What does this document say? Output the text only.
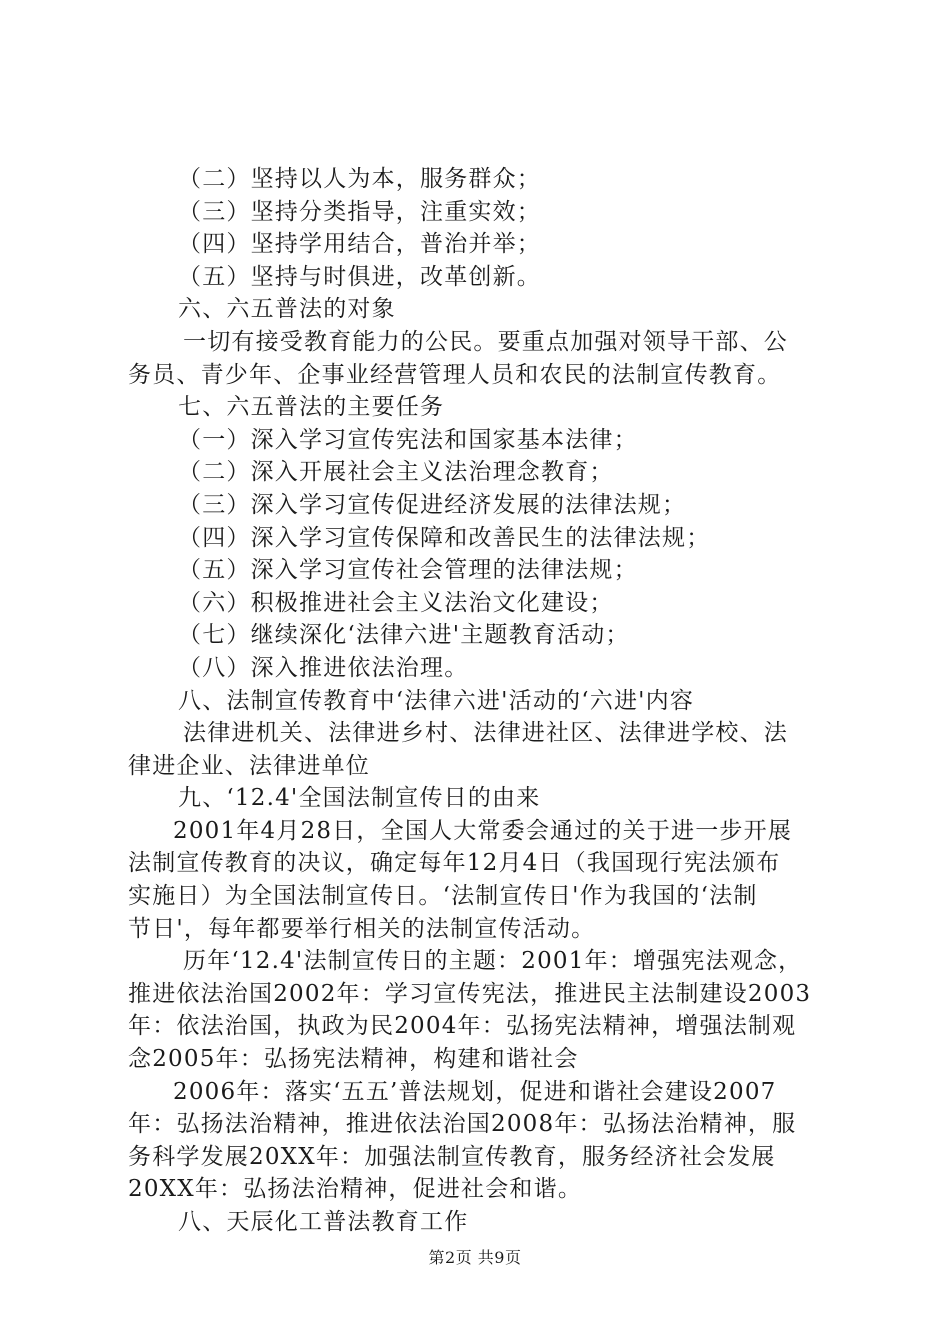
（二）坚持以人为本，服务群众；
（三）坚持分类指导，注重实效；
（四）坚持学用结合，普治并举；
（五）坚持与时俱进，改革创新。
六、六五普法的对象
一切有接受教育能力的公民。要重点加强对领导干部、公
务员、青少年、企事业经营管理人员和农民的法制宣传教育。
七、六五普法的主要任务
（一）深入学习宣传宪法和国家基本法律；
（二）深入开展社会主义法治理念教育；
（三）深入学习宣传促进经济发展的法律法规；
（四）深入学习宣传保障和改善民生的法律法规；
（五）深入学习宣传社会管理的法律法规；
（六）积极推进社会主义法治文化建设；
（七）继续深化‘法律六进'主题教育活动；
（八）深入推进依法治理。
八、法制宣传教育中‘法律六进'活动的‘六进'内容
法律进机关、法律进乡村、法律进社区、法律进学校、法
律进企业、法律进单位
九、‘12.4'全国法制宣传日的由来
2001年4月28日，全国人大常委会通过的关于进一步开展
法制宣传教育的决议，确定每年12月4日（我国现行宪法颁布
实施日）为全国法制宣传日。‘法制宣传日'作为我国的‘法制
节日'，每年都要举行相关的法制宣传活动。
历年‘12.4'法制宣传日的主题：2001年：增强宪法观念，
推进依法治国2002年：学习宣传宪法，推进民主法制建设2003
年：依法治国，执政为民2004年：弘扬宪法精神，增强法制观
念2005年：弘扬宪法精神，构建和谐社会
2006年：落实‘五五’普法规划，促进和谐社会建设2007
年：弘扬法治精神，推进依法治国2008年：弘扬法治精神，服
务科学发展20XX年：加强法制宣传教育，服务经济社会发展
20XX年：弘扬法治精神，促进社会和谐。
八、天辰化工普法教育工作
第2页 共9页
